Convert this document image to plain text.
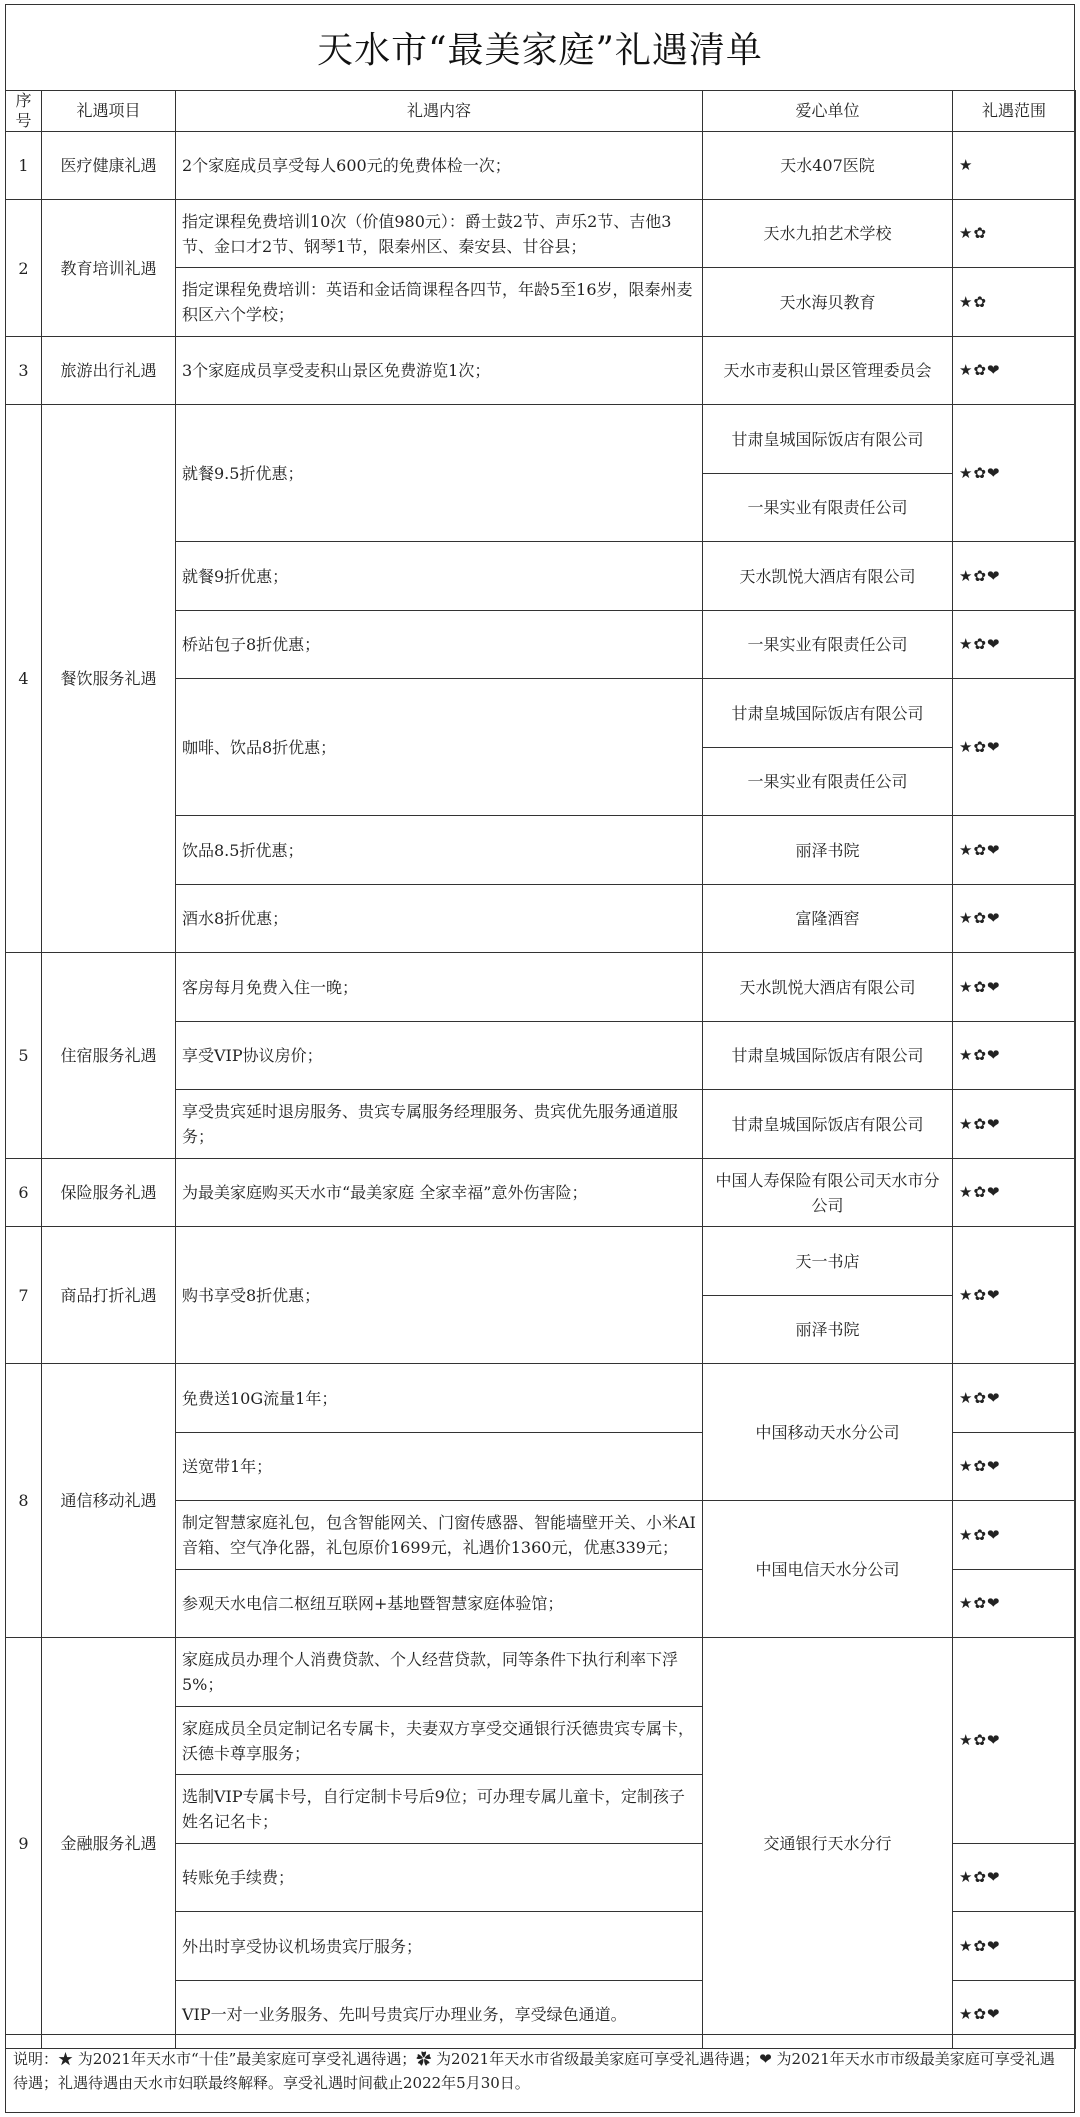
天水市“最美家庭”礼遇清单
序号	礼遇项目	礼遇内容	爱心单位	礼遇范围
1	医疗健康礼遇	2个家庭成员享受每人600元的免费体检一次；	天水407医院	★
2	教育培训礼遇	指定课程免费培训10次（价值980元）：爵士鼓2节、声乐2节、吉他3节、金口才2节、钢琴1节，限秦州区、秦安县、甘谷县；	天水九拍艺术学校	★✿
		指定课程免费培训：英语和金话筒课程各四节，年龄5至16岁，限秦州麦积区六个学校；	天水海贝教育	★✿
3	旅游出行礼遇	3个家庭成员享受麦积山景区免费游览1次；	天水市麦积山景区管理委员会	★✿❤
4	餐饮服务礼遇	就餐9.5折优惠；	甘肃皇城国际饭店有限公司	★✿❤
			一果实业有限责任公司	
		就餐9折优惠；	天水凯悦大酒店有限公司	★✿❤
		桥站包子8折优惠；	一果实业有限责任公司	★✿❤
		咖啡、饮品8折优惠；	甘肃皇城国际饭店有限公司	★✿❤
			一果实业有限责任公司	
		饮品8.5折优惠；	丽泽书院	★✿❤
		酒水8折优惠；	富隆酒窖	★✿❤
5	住宿服务礼遇	客房每月免费入住一晚；	天水凯悦大酒店有限公司	★✿❤
		享受VIP协议房价；	甘肃皇城国际饭店有限公司	★✿❤
		享受贵宾延时退房服务、贵宾专属服务经理服务、贵宾优先服务通道服务；	甘肃皇城国际饭店有限公司	★✿❤
6	保险服务礼遇	为最美家庭购买天水市“最美家庭 全家幸福”意外伤害险；	中国人寿保险有限公司天水市分公司	★✿❤
7	商品打折礼遇	购书享受8折优惠；	天一书店	★✿❤
			丽泽书院	
8	通信移动礼遇	免费送10G流量1年；	中国移动天水分公司	★✿❤
		送宽带1年；		★✿❤
		制定智慧家庭礼包，包含智能网关、门窗传感器、智能墙壁开关、小米AI音箱、空气净化器，礼包原价1699元，礼遇价1360元，优惠339元；	中国电信天水分公司	★✿❤
		参观天水电信二枢纽互联网+基地暨智慧家庭体验馆；		★✿❤
9	金融服务礼遇	家庭成员办理个人消费贷款、个人经营贷款，同等条件下执行利率下浮5%；	交通银行天水分行	★✿❤
		家庭成员全员定制记名专属卡，夫妻双方享受交通银行沃德贵宾专属卡，沃德卡尊享服务；		
		选制VIP专属卡号，自行定制卡号后9位；可办理专属儿童卡，定制孩子姓名记名卡；		
		转账免手续费；		★✿❤
		外出时享受协议机场贵宾厅服务；		★✿❤
		VIP一对一业务服务、先叫号贵宾厅办理业务，享受绿色通道。		★✿❤
说明：★ 为2021年天水市“十佳”最美家庭可享受礼遇待遇；✿ 为2021年天水市省级最美家庭可享受礼遇待遇；❤ 为2021年天水市市级最美家庭可享受礼遇待遇；礼遇待遇由天水市妇联最终解释。享受礼遇时间截止2022年5月30日。
